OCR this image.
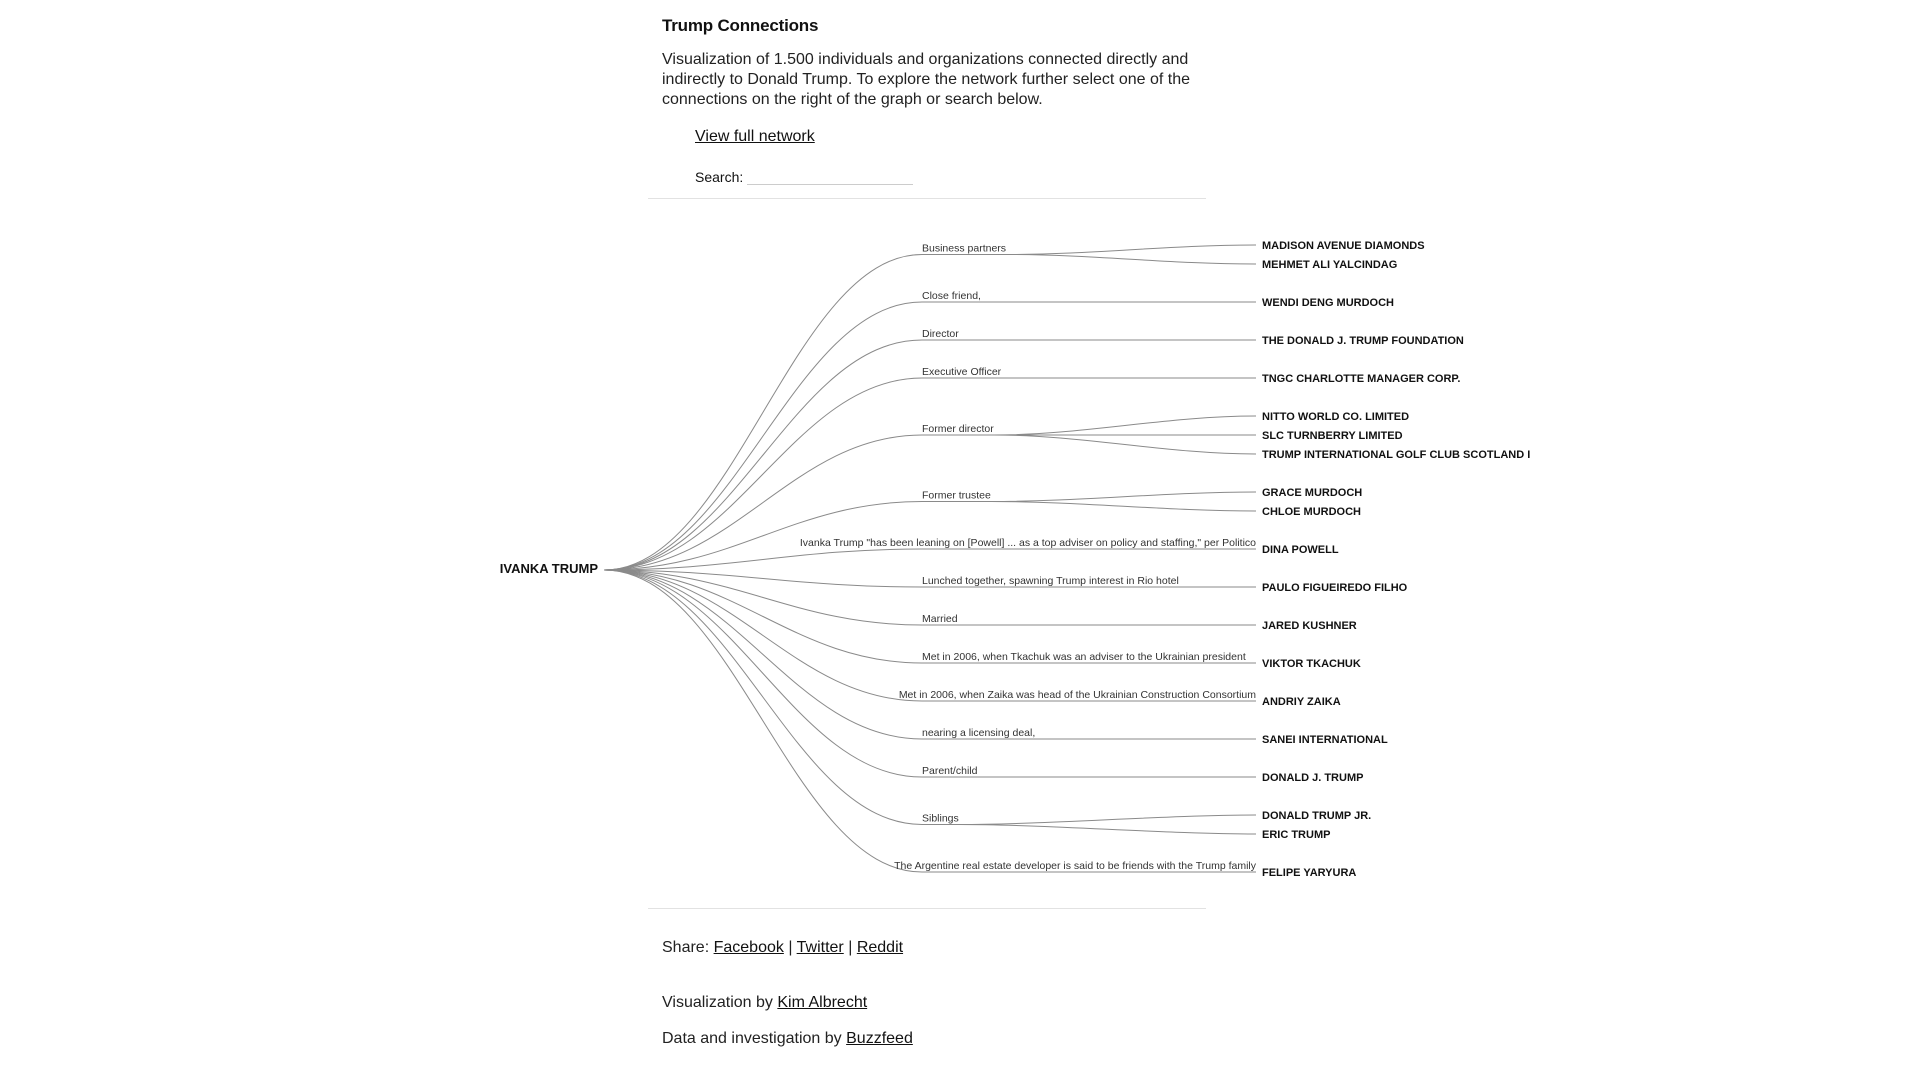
Trump Connections

Visualization of 1.500 individuals and organizations connected directly and indirectly to Donald Trump. To explore the network further select one of the connections on the right of the graph or search below.

View full network
Search:
Business partners
Close friend,
Director
Executive Officer
Former director
Former trustee
Ivanka Trump "has been leaning on [Powell] ... as a top adviser on policy and staffing," per Politico
Lunched together, spawning Trump interest in Rio hotel
Married
Met in 2006, when Tkachuk was an adviser to the Ukrainian president
Met in 2006, when Zaika was head of the Ukrainian Construction Consortium
nearing a licensing deal,
Parent/child
Siblings
The Argentine real estate developer is said to be friends with the Trump family
MADISON AVENUE DIAMONDS
MEHMET ALI YALCINDAG
WENDI DENG MURDOCH
THE DONALD J. TRUMP FOUNDATION
TNGC CHARLOTTE MANAGER CORP.
NITTO WORLD CO. LIMITED
SLC TURNBERRY LIMITED
TRUMP INTERNATIONAL GOLF CLUB SCOTLAND I
GRACE MURDOCH
CHLOE MURDOCH
DINA POWELL
PAULO FIGUEIREDO FILHO
JARED KUSHNER
VIKTOR TKACHUK
ANDRIY ZAIKA
SANEI INTERNATIONAL
DONALD J. TRUMP
DONALD TRUMP JR.
ERIC TRUMP
FELIPE YARYURA
IVANKA TRUMP
Share: Facebook | Twitter | Reddit
Visualization by Kim Albrecht
Data and investigation by Buzzfeed
